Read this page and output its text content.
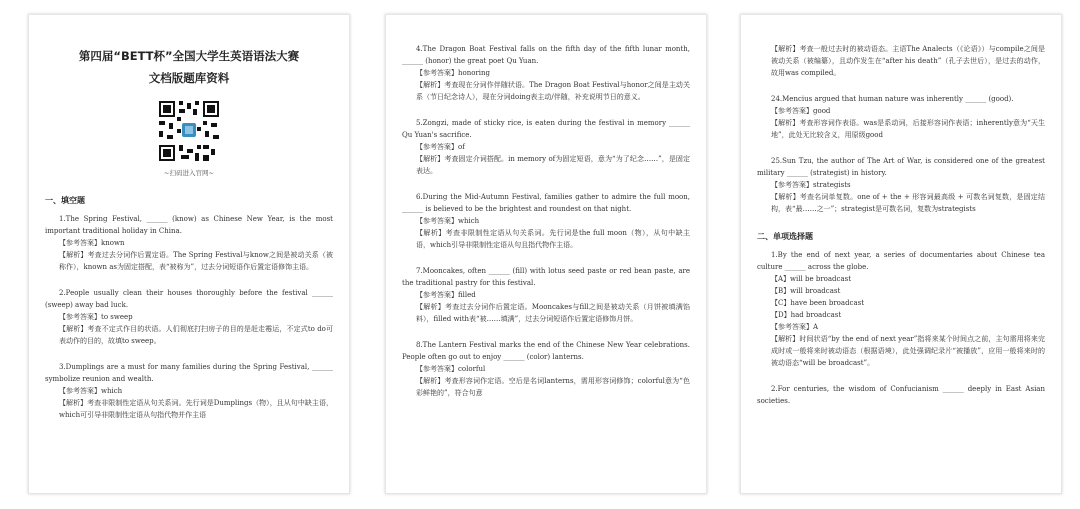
第四届“BETT杯”全国大学生英语语法大赛
文档版题库资料
~扫码进入官网~
一、填空题
1.The Spring Festival, ______ (know) as Chinese New Year, is the most important traditional holiday in China.
【参考答案】known
【解析】考查过去分词作后置定语。The Spring Festival与know之间是被动关系（被称作），known as为固定搭配，表“被称为”，过去分词短语作后置定语修饰主语。
2.People usually clean their houses thoroughly before the festival ______ (sweep) away bad luck.
【参考答案】to sweep
【解析】考查不定式作目的状语。人们彻底打扫房子的目的是赶走霉运，不定式to do可表动作的目的，故填to sweep。
3.Dumplings are a must for many families during the Spring Festival, ______ symbolize reunion and wealth.
【参考答案】which
【解析】考查非限制性定语从句关系词。先行词是Dumplings（物），且从句中缺主语，which可引导非限制性定语从句指代物并作主语
4.The Dragon Boat Festival falls on the fifth day of the fifth lunar month, ______ (honor) the great poet Qu Yuan.
【参考答案】honoring
【解析】考查现在分词作伴随状语。The Dragon Boat Festival与honor之间是主动关系（节日纪念诗人），现在分词doing表主动/伴随，补充说明节日的意义。
5.Zongzi, made of sticky rice, is eaten during the festival in memory ______ Qu Yuan's sacrifice.
【参考答案】of
【解析】考查固定介词搭配。in memory of为固定短语，意为“为了纪念……”，是固定表达。
6.During the Mid-Autumn Festival, families gather to admire the full moon, ______ is believed to be the brightest and roundest on that night.
【参考答案】which
【解析】考查非限制性定语从句关系词。先行词是the full moon（物），从句中缺主语，which引导非限制性定语从句且指代物作主语。
7.Mooncakes, often ______ (fill) with lotus seed paste or red bean paste, are the traditional pastry for this festival.
【参考答案】filled
【解析】考查过去分词作后置定语。Mooncakes与fill之间是被动关系（月饼被填满馅料），filled with表“被……填满”，过去分词短语作后置定语修饰月饼。
8.The Lantern Festival marks the end of the Chinese New Year celebrations. People often go out to enjoy ______ (color) lanterns.
【参考答案】colorful
【解析】考查形容词作定语。空后是名词lanterns，需用形容词修饰；colorful意为“色彩鲜艳的”，符合句意
【解析】考查一般过去时的被动语态。主语The Analects（《论语》）与compile之间是被动关系（被编纂），且动作发生在“after his death”（孔子去世后），是过去的动作，故用was compiled。
24.Mencius argued that human nature was inherently ______ (good).
【参考答案】good
【解析】考查形容词作表语。was是系动词，后接形容词作表语；inherently意为“天生地”，此处无比较含义，用原级good
25.Sun Tzu, the author of The Art of War, is considered one of the greatest military ______ (strategist) in history.
【参考答案】strategists
【解析】考查名词单复数。one of + the + 形容词最高级 + 可数名词复数，是固定结构，表“最……之一”；strategist是可数名词，复数为strategists
二、单项选择题
1.By the end of next year, a series of documentaries about Chinese tea culture ______ across the globe.
【A】will be broadcast
【B】will broadcast
【C】have been broadcast
【D】had broadcast
【参考答案】A
【解析】时间状语“by the end of next year”指将来某个时间点之前，主句需用将来完成时或一般将来时被动语态（根据语境），此处强调纪录片“被播放”，应用一般将来时的被动语态“will be broadcast”。
2.For centuries, the wisdom of Confucianism ______ deeply in East Asian societies.
